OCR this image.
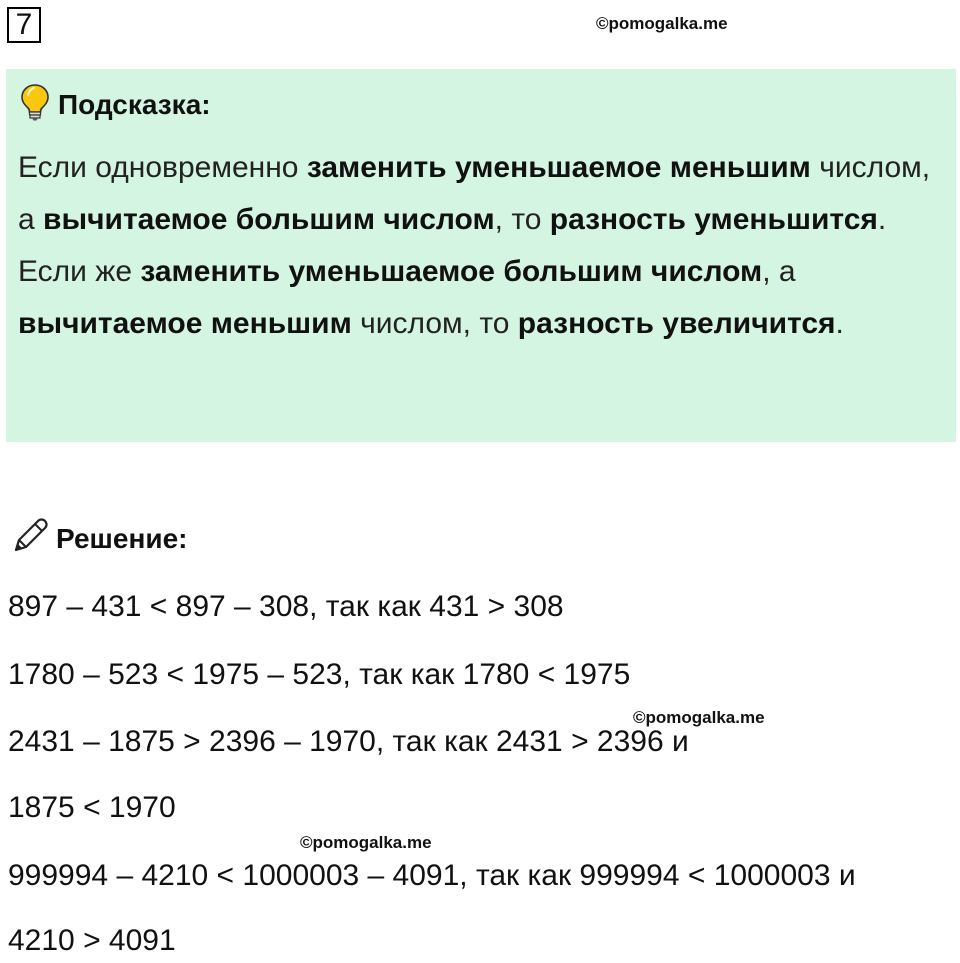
7	©pomogalka.me
Подсказка:
Если одновременно заменить уменьшаемое меньшим числом, а вычитаемое большим числом, то разность уменьшится.
Если же заменить уменьшаемое большим числом, а вычитаемое меньшим числом, то разность увеличится.
Решение:
897 – 431 < 897 – 308, так как 431 > 308
1780 – 523 < 1975 – 523, так как 1780 < 1975
©pomogalka.me
2431 – 1875 > 2396 – 1970, так как 2431 > 2396 и
1875 < 1970
©pomogalka.me
999994 – 4210 < 1000003 – 4091, так как 999994 < 1000003 и
4210 > 4091
